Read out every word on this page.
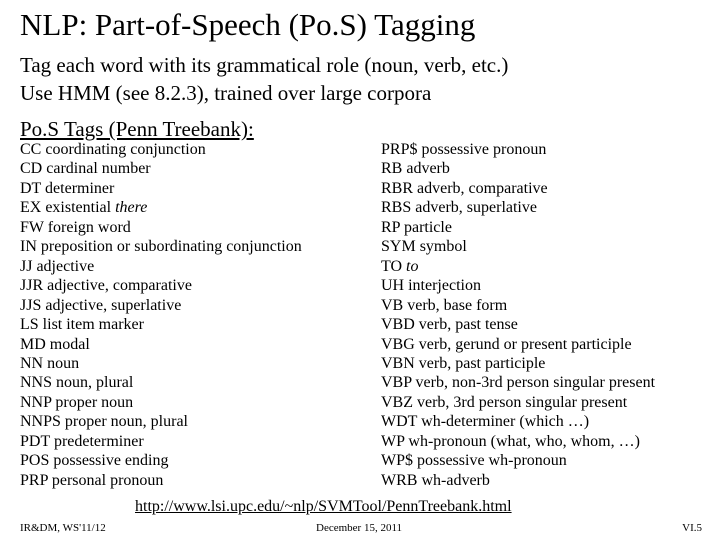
NLP: Part-of-Speech (Po.S) Tagging
Tag each word with its grammatical role (noun, verb, etc.)
Use HMM (see 8.2.3), trained over large corpora
Po.S Tags (Penn Treebank):
CC coordinating conjunction
CD cardinal number
DT determiner
EX existential there
FW foreign word
IN preposition or subordinating conjunction
JJ adjective
JJR adjective, comparative
JJS adjective, superlative
LS list item marker
MD modal
NN noun
NNS noun, plural
NNP proper noun
NNPS proper noun, plural
PDT predeterminer
POS possessive ending
PRP personal pronoun
PRP$ possessive pronoun
RB adverb
RBR adverb, comparative
RBS adverb, superlative
RP particle
SYM symbol
TO to
UH interjection
VB verb, base form
VBD verb, past tense
VBG verb, gerund or present participle
VBN verb, past participle
VBP verb, non-3rd person singular present
VBZ verb, 3rd person singular present
WDT wh-determiner (which …)
WP wh-pronoun (what, who, whom, …)
WP$ possessive wh-pronoun
WRB wh-adverb
http://www.lsi.upc.edu/~nlp/SVMTool/PennTreebank.html
IR&DM, WS'11/12	December 15, 2011	VI.5
